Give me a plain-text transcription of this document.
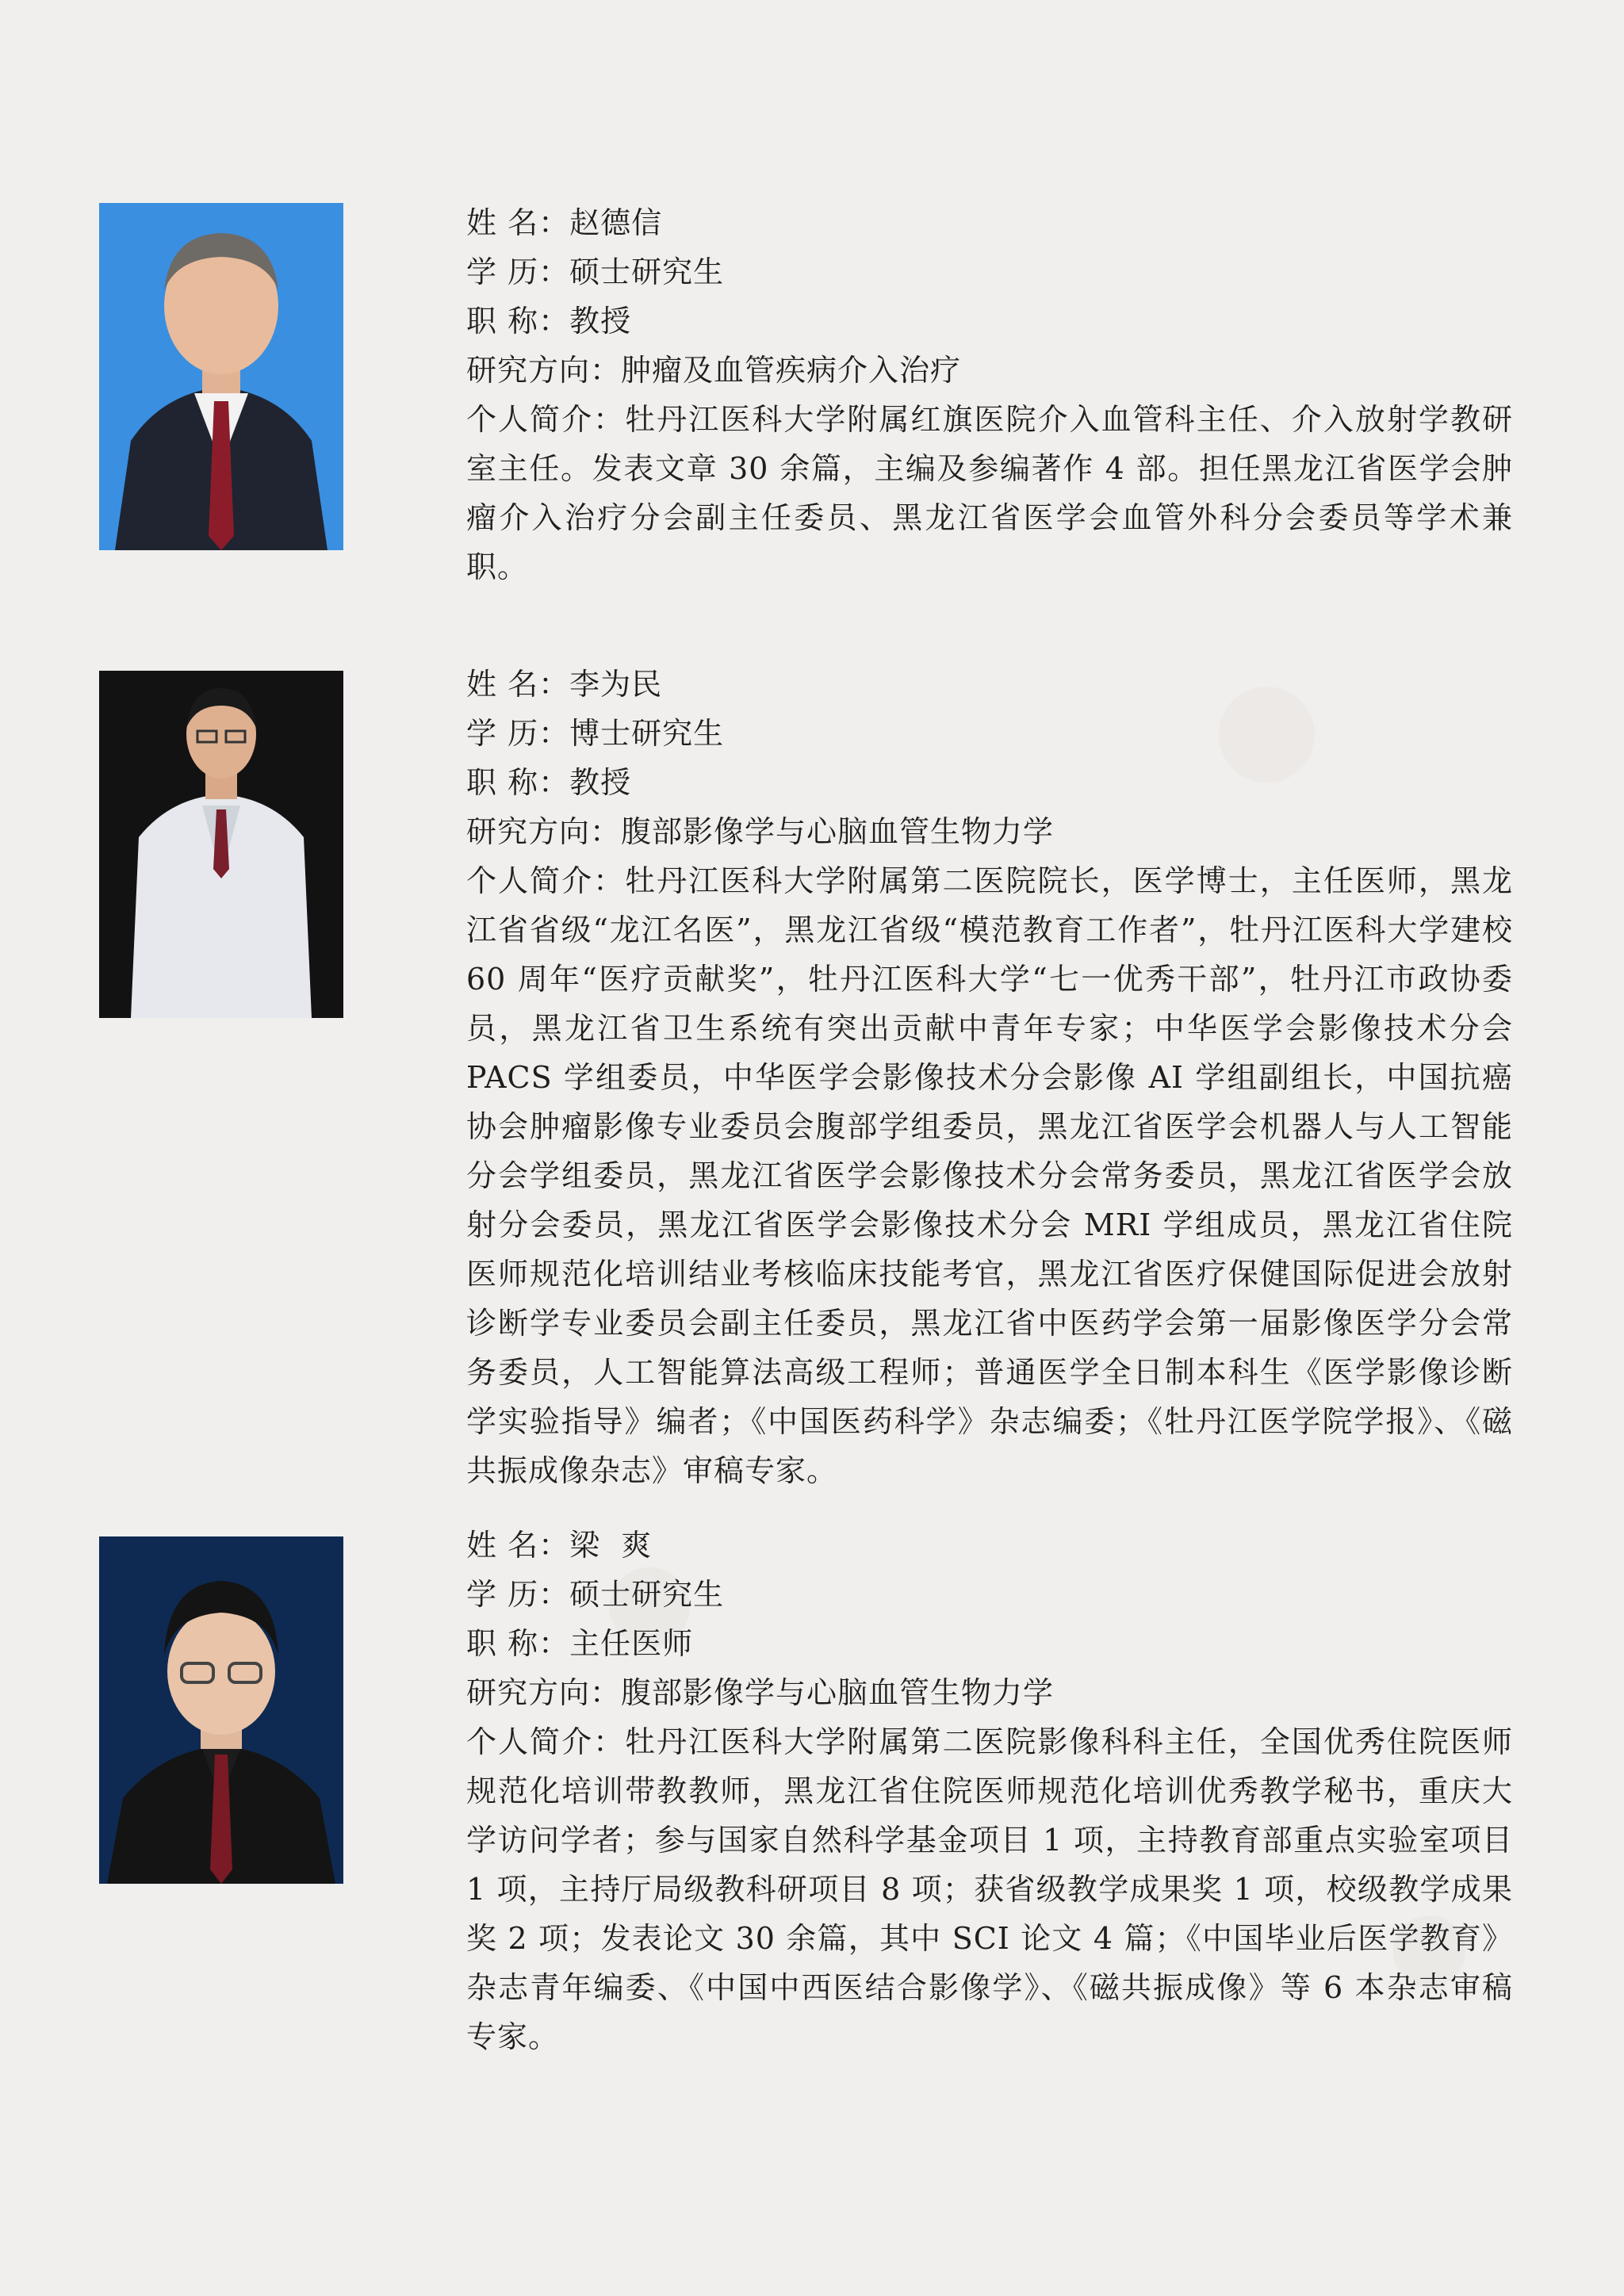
姓 名：赵德信
学 历：硕士研究生
职 称：教授
研究方向：肿瘤及血管疾病介入治疗
个人简介：牡丹江医科大学附属红旗医院介入血管科主任、介入放射学教研室主任。发表文章 30 余篇，主编及参编著作 4 部。担任黑龙江省医学会肿瘤介入治疗分会副主任委员、黑龙江省医学会血管外科分会委员等学术兼职。
姓 名：李为民
学 历：博士研究生
职 称：教授
研究方向：腹部影像学与心脑血管生物力学
个人简介：牡丹江医科大学附属第二医院院长，医学博士，主任医师，黑龙江省省级“龙江名医”，黑龙江省级“模范教育工作者”，牡丹江医科大学建校 60 周年“医疗贡献奖”，牡丹江医科大学“七一优秀干部”，牡丹江市政协委员，黑龙江省卫生系统有突出贡献中青年专家；中华医学会影像技术分会 PACS 学组委员，中华医学会影像技术分会影像 AI 学组副组长，中国抗癌协会肿瘤影像专业委员会腹部学组委员，黑龙江省医学会机器人与人工智能分会学组委员，黑龙江省医学会影像技术分会常务委员，黑龙江省医学会放射分会委员，黑龙江省医学会影像技术分会 MRI 学组成员，黑龙江省住院医师规范化培训结业考核临床技能考官，黑龙江省医疗保健国际促进会放射诊断学专业委员会副主任委员，黑龙江省中医药学会第一届影像医学分会常务委员，人工智能算法高级工程师；普通医学全日制本科生《医学影像诊断学实验指导》编者；《中国医药科学》杂志编委；《牡丹江医学院学报》、《磁共振成像杂志》审稿专家。
姓 名：梁  爽
学 历：硕士研究生
职 称：主任医师
研究方向：腹部影像学与心脑血管生物力学
个人简介：牡丹江医科大学附属第二医院影像科科主任，全国优秀住院医师规范化培训带教教师，黑龙江省住院医师规范化培训优秀教学秘书，重庆大学访问学者；参与国家自然科学基金项目 1 项，主持教育部重点实验室项目 1 项，主持厅局级教科研项目 8 项；获省级教学成果奖 1 项，校级教学成果奖 2 项；发表论文 30 余篇，其中 SCI 论文 4 篇；《中国毕业后医学教育》杂志青年编委、《中国中西医结合影像学》、《磁共振成像》等 6 本杂志审稿专家。
